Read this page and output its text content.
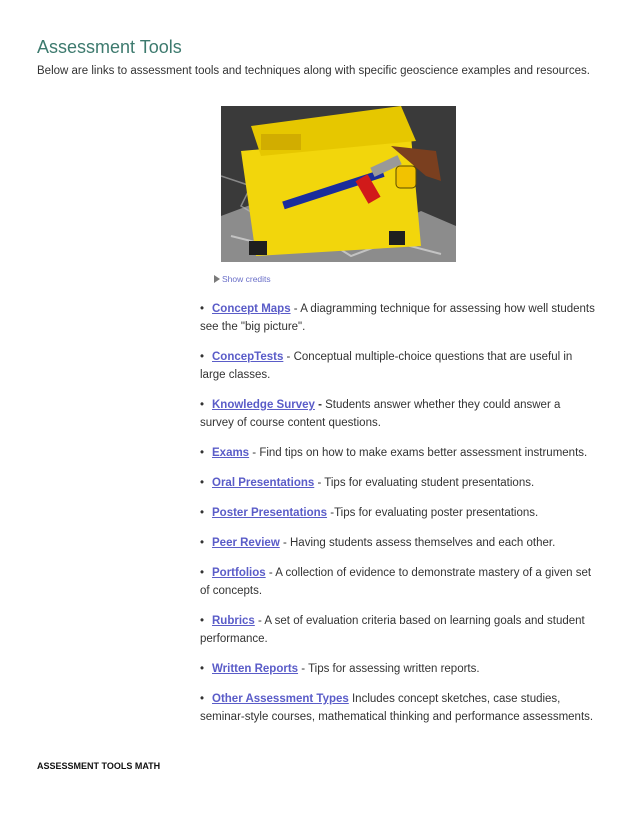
Assessment Tools

Below are links to assessment tools and techniques along with specific geoscience examples and resources.

Show credits
• Concept Maps - A diagramming technique for assessing how well students see the "big picture".
• ConcepTests - Conceptual multiple-choice questions that are useful in large classes.
• Knowledge Survey - Students answer whether they could answer a survey of course content questions.
• Exams - Find tips on how to make exams better assessment instruments.
• Oral Presentations - Tips for evaluating student presentations.
• Poster Presentations -Tips for evaluating poster presentations.
• Peer Review - Having students assess themselves and each other.
• Portfolios - A collection of evidence to demonstrate mastery of a given set of concepts.
• Rubrics - A set of evaluation criteria based on learning goals and student performance.
• Written Reports - Tips for assessing written reports.
• Other Assessment Types Includes concept sketches, case studies, seminar-style courses, mathematical thinking and performance assessments.
ASSESSMENT TOOLS MATH
